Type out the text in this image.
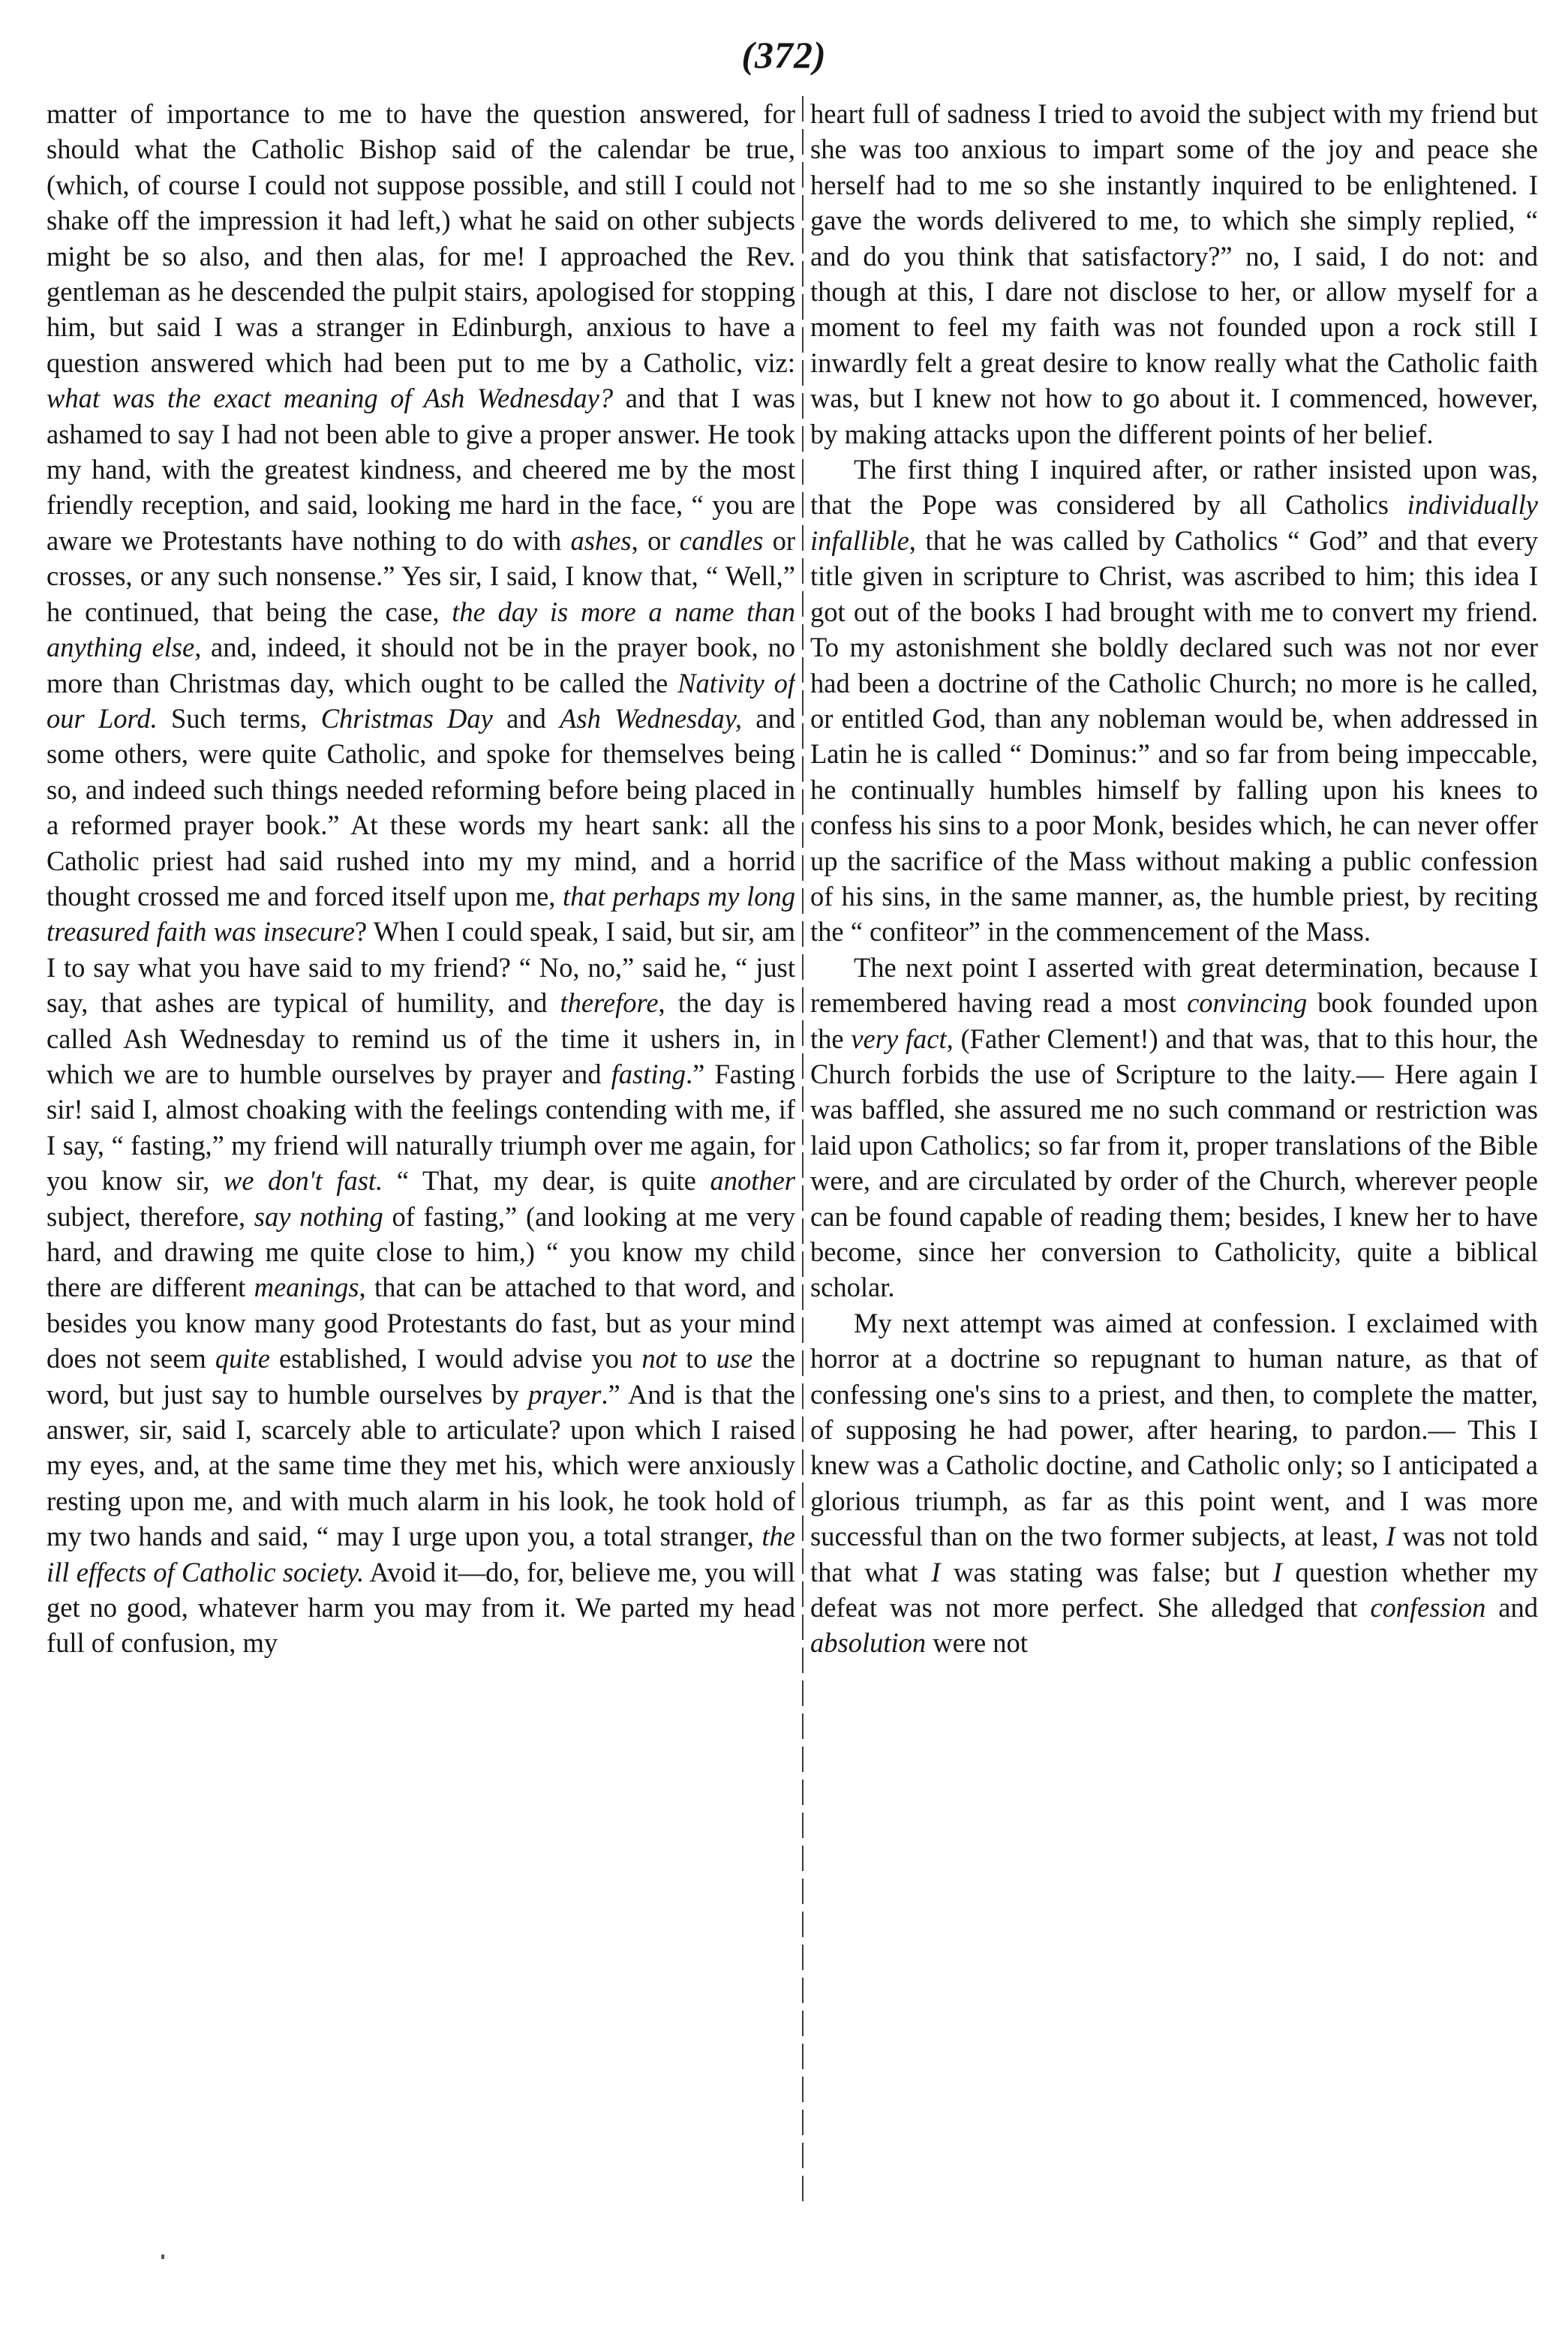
(372)

matter of importance to me to have the question answered, for should what the Catholic Bishop said of the calendar be true, (which, of course I could not suppose possible, and still I could not shake off the impression it had left,) what he said on other subjects might be so also, and then alas, for me! I approached the Rev. gentleman as he descended the pulpit stairs, apologised for stopping him, but said I was a stranger in Edinburgh, anxious to have a question answered which had been put to me by a Catholic, viz: what was the exact meaning of Ash Wednesday? and that I was ashamed to say I had not been able to give a proper answer. He took my hand, with the greatest kindness, and cheered me by the most friendly reception, and said, looking me hard in the face, “ you are aware we Protestants have nothing to do with ashes, or candles or crosses, or any such nonsense.” Yes sir, I said, I know that, “ Well,” he continued, that being the case, the day is more a name than anything else, and, indeed, it should not be in the prayer book, no more than Christmas day, which ought to be called the Nativity of our Lord. Such terms, Christmas Day and Ash Wednesday, and some others, were quite Catholic, and spoke for themselves being so, and indeed such things needed reforming before being placed in a reformed prayer book.” At these words my heart sank: all the Catholic priest had said rushed into my my mind, and a horrid thought crossed me and forced itself upon me, that perhaps my long treasured faith was insecure? When I could speak, I said, but sir, am I to say what you have said to my friend? “ No, no,” said he, “ just say, that ashes are typical of humility, and therefore, the day is called Ash Wednesday to remind us of the time it ushers in, in which we are to humble ourselves by prayer and fasting.” Fasting sir! said I, almost choaking with the feelings contending with me, if I say, “ fasting,” my friend will naturally triumph over me again, for you know sir, we don't fast. “ That, my dear, is quite another subject, therefore, say nothing of fasting,” (and looking at me very hard, and drawing me quite close to him,) “ you know my child there are different meanings, that can be attached to that word, and besides you know many good Protestants do fast, but as your mind does not seem quite established, I would advise you not to use the word, but just say to humble ourselves by prayer.” And is that the answer, sir, said I, scarcely able to articulate? upon which I raised my eyes, and, at the same time they met his, which were anxiously resting upon me, and with much alarm in his look, he took hold of my two hands and said, “ may I urge upon you, a total stranger, the ill effects of Catholic society. Avoid it—do, for, believe me, you will get no good, whatever harm you may from it. We parted my head full of confusion, my

heart full of sadness I tried to avoid the subject with my friend but she was too anxious to impart some of the joy and peace she herself had to me so she instantly inquired to be enlightened. I gave the words delivered to me, to which she simply replied, “ and do you think that satisfactory?” no, I said, I do not: and though at this, I dare not disclose to her, or allow myself for a moment to feel my faith was not founded upon a rock still I inwardly felt a great desire to know really what the Catholic faith was, but I knew not how to go about it. I commenced, however, by making attacks upon the different points of her belief.

The first thing I inquired after, or rather insisted upon was, that the Pope was considered by all Catholics individually infallible, that he was called by Catholics “ God” and that every title given in scripture to Christ, was ascribed to him; this idea I got out of the books I had brought with me to convert my friend. To my astonishment she boldly declared such was not nor ever had been a doctrine of the Catholic Church; no more is he called, or entitled God, than any nobleman would be, when addressed in Latin he is called “ Dominus:” and so far from being impeccable, he continually humbles himself by falling upon his knees to confess his sins to a poor Monk, besides which, he can never offer up the sacrifice of the Mass without making a public confession of his sins, in the same manner, as, the humble priest, by reciting the “ confiteor” in the commencement of the Mass.

The next point I asserted with great determination, because I remembered having read a most convincing book founded upon the very fact, (Father Clement!) and that was, that to this hour, the Church forbids the use of Scripture to the laity.— Here again I was baffled, she assured me no such command or restriction was laid upon Catholics; so far from it, proper translations of the Bible were, and are circulated by order of the Church, wherever people can be found capable of reading them; besides, I knew her to have become, since her conversion to Catholicity, quite a biblical scholar.

My next attempt was aimed at confession. I exclaimed with horror at a doctrine so repugnant to human nature, as that of confessing one's sins to a priest, and then, to complete the matter, of supposing he had power, after hearing, to pardon.— This I knew was a Catholic doctine, and Catholic only; so I anticipated a glorious triumph, as far as this point went, and I was more successful than on the two former subjects, at least, I was not told that what I was stating was false; but I question whether my defeat was not more perfect. She alledged that confession and absolution were not
